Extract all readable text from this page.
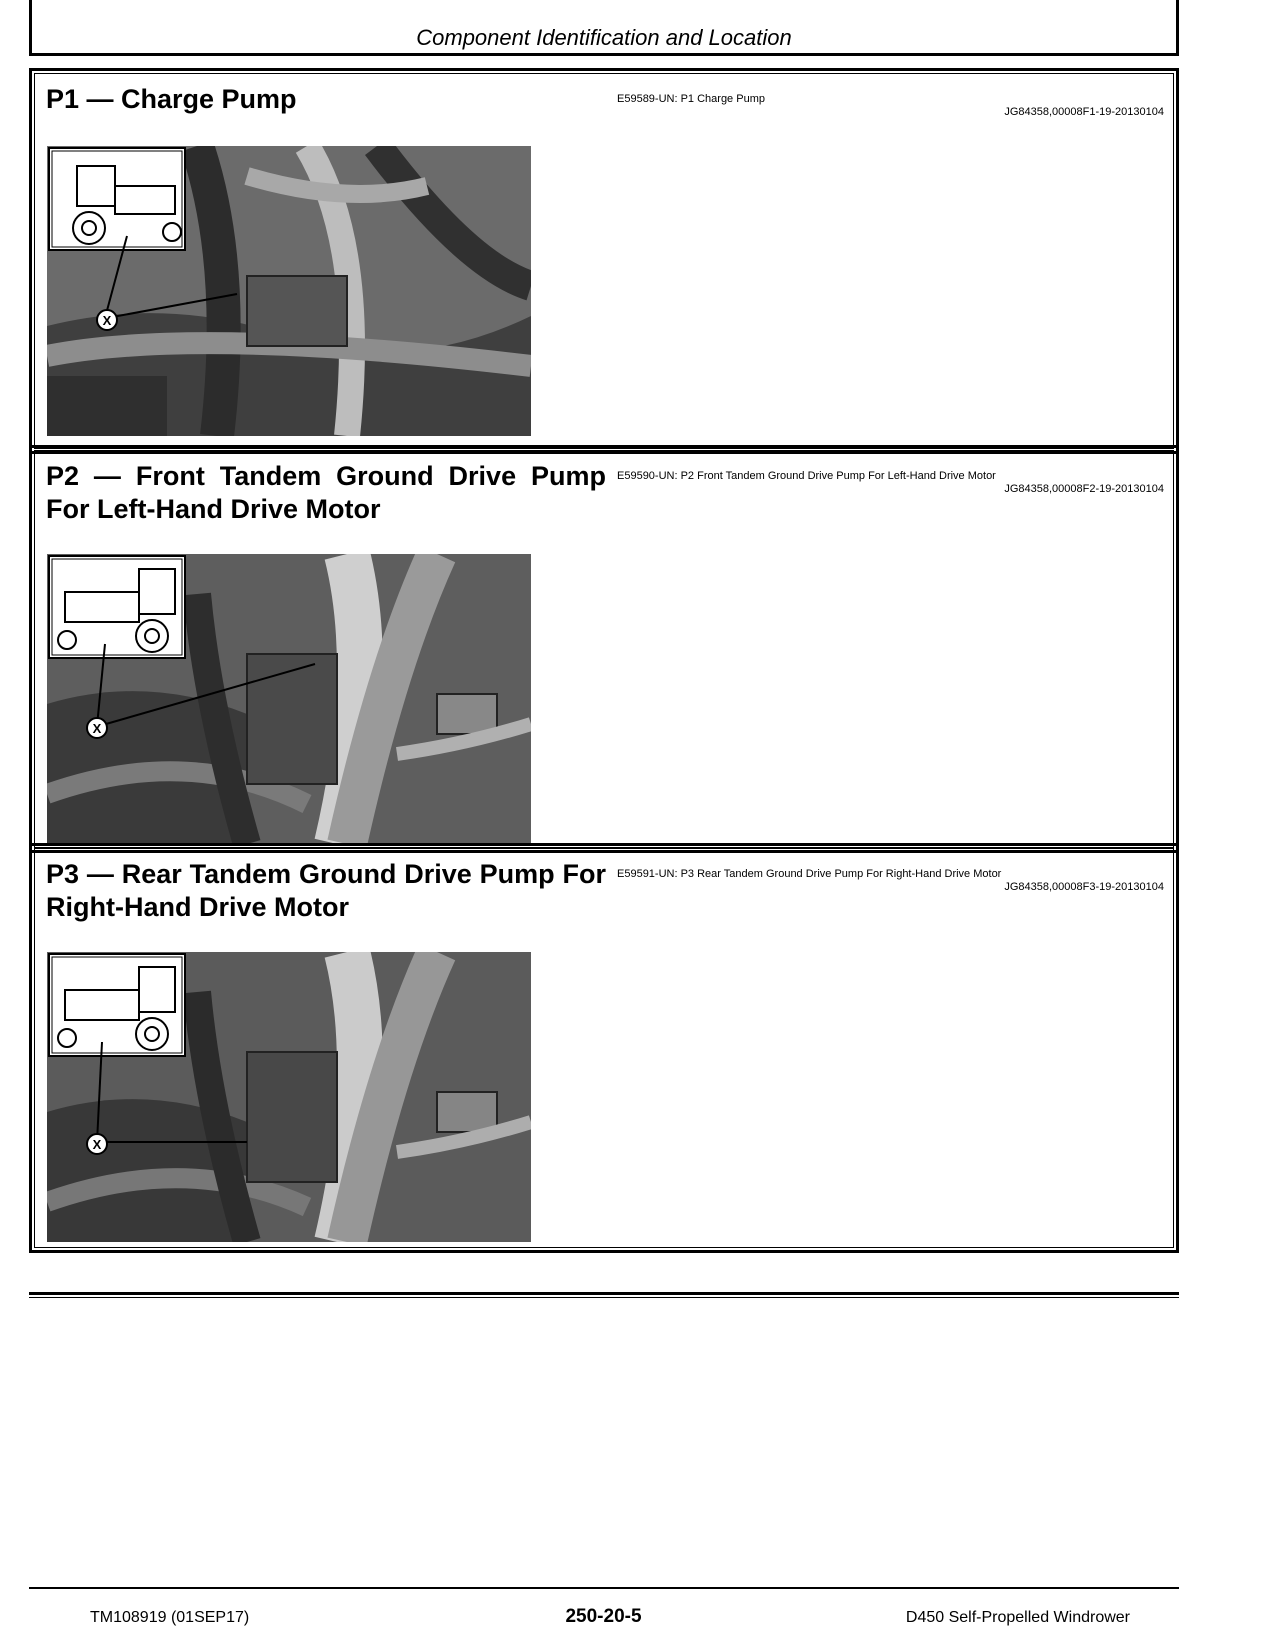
Component Identification and Location
P1 — Charge Pump	E59589-UN: P1 Charge Pump
JG84358,00008F1-19-20130104
X
P2 — Front Tandem Ground Drive Pump For Left-Hand Drive Motor
E59590-UN: P2 Front Tandem Ground Drive Pump For Left-Hand Drive Motor
JG84358,00008F2-19-20130104
X
P3 — Rear Tandem Ground Drive Pump For Right-Hand Drive Motor
E59591-UN: P3 Rear Tandem Ground Drive Pump For Right-Hand Drive Motor
JG84358,00008F3-19-20130104
X
TM108919 (01SEP17)	250-20-5	D450 Self-Propelled Windrower
